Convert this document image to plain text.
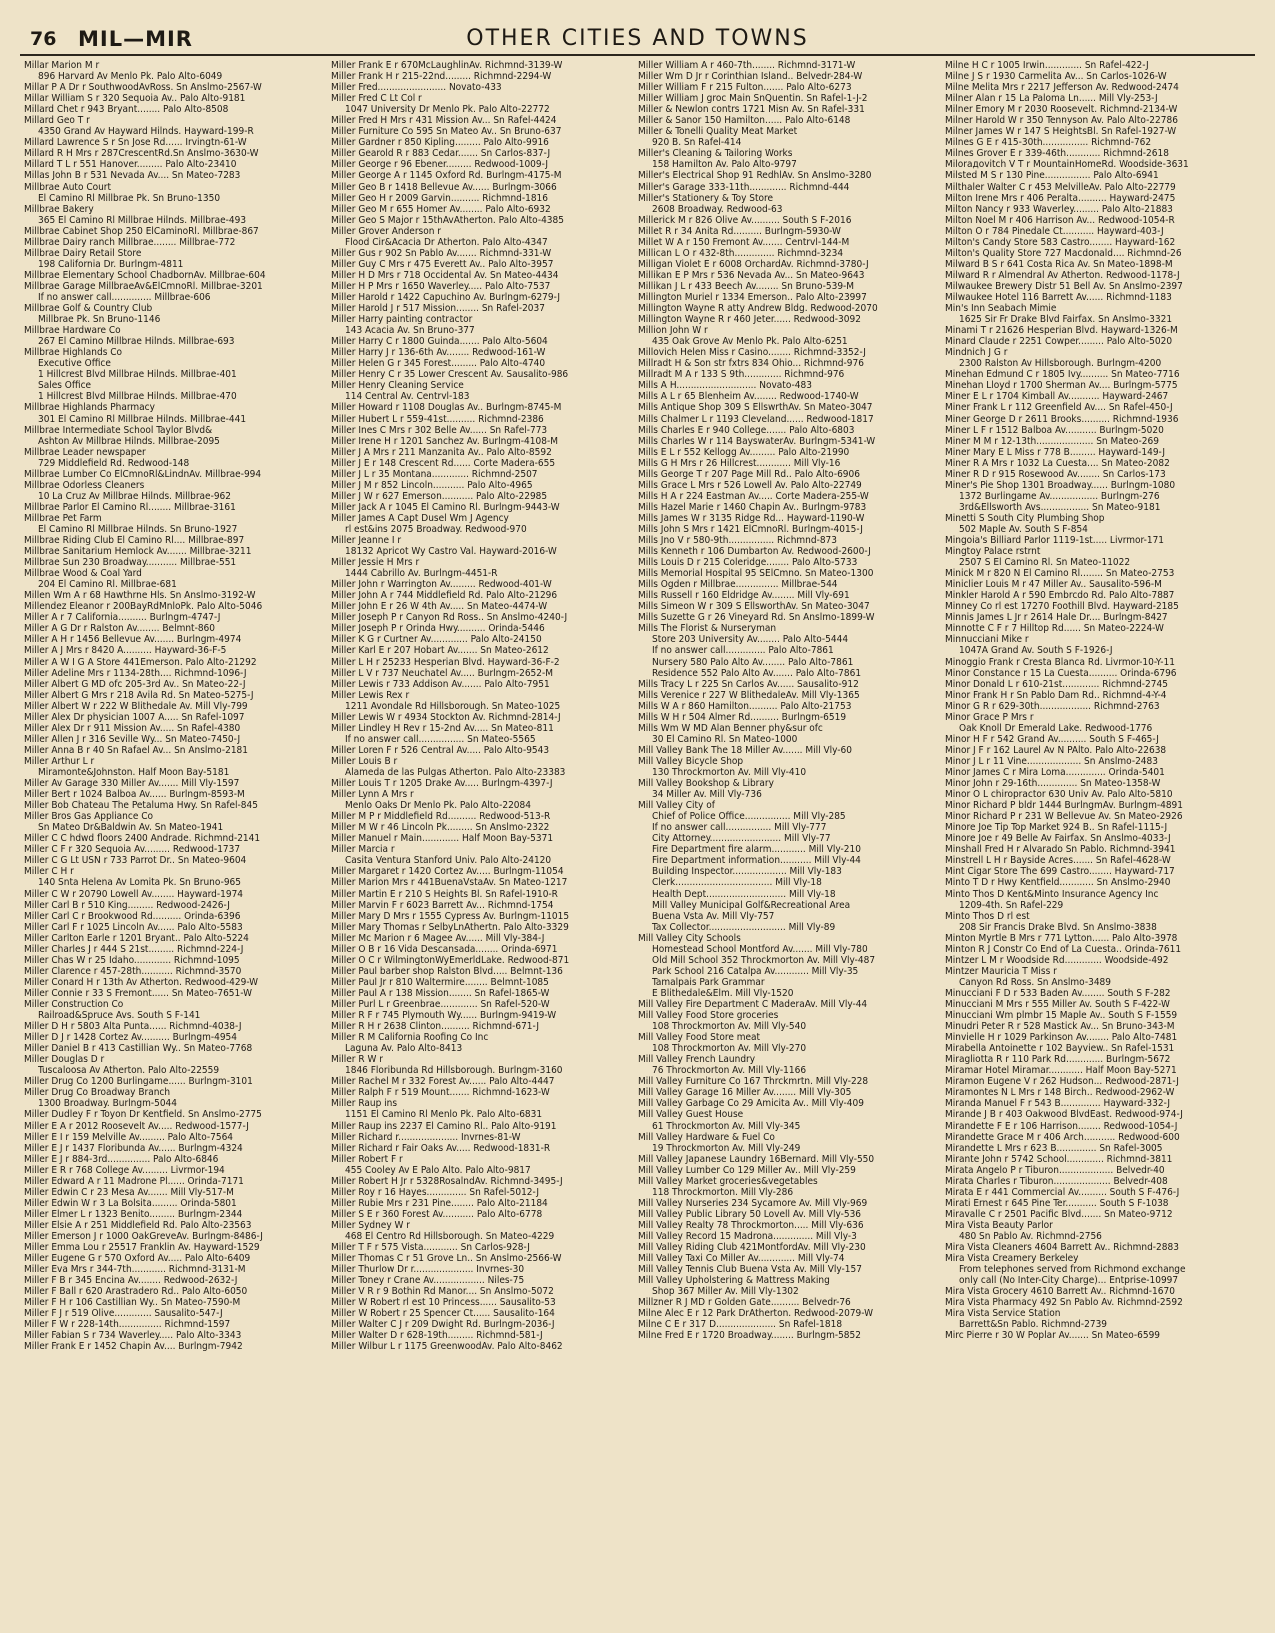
76 MIL—MIR	OTHER CITIES AND TOWNS
Millar Marion M r
896 Harvard Av Menlo Pk. Palo Alto-6049
Millar P A Dr r SouthwoodAvRoss. Sn Anslmo-2567-W
Millar William S r 320 Sequoia Av.. Palo Alto-9181
Millard Chet r 943 Bryant........ Palo Alto-8508
Millard Geo T r
4350 Grand Av Hayward Hilnds. Hayward-199-R
Millard Lawrence S r Sn Jose Rd...... Irvingtn-61-W
Millard R H Mrs r 287CrescentRd.Sn Anslmo-3630-W
Millard T L r 551 Hanover......... Palo Alto-23410
Millas John B r 531 Nevada Av.... Sn Mateo-7283
Millbrae Auto Court
El Camino Rl Millbrae Pk. Sn Bruno-1350
Millbrae Bakery
365 El Camino Rl Millbrae Hilnds. Millbrae-493
Millbrae Cabinet Shop 250 ElCaminoRl. Millbrae-867
Millbrae Dairy ranch Millbrae........ Millbrae-772
Millbrae Dairy Retail Store
198 California Dr. Burlngm-4811
Millbrae Elementary School ChadbornAv. Millbrae-604
Millbrae Garage MillbraeAv&ElCmnoRl. Millbrae-3201
If no answer call.............. Millbrae-606
Millbrae Golf & Country Club
Millbrae Pk. Sn Bruno-1146
Millbrae Hardware Co
267 El Camino Millbrae Hilnds. Millbrae-693
Millbrae Highlands Co
Executive Office
1 Hillcrest Blvd Millbrae Hilnds. Millbrae-401
Sales Office
1 Hillcrest Blvd Millbrae Hilnds. Millbrae-470
Millbrae Highlands Pharmacy
301 El Camino Rl Millbrae Hilnds. Millbrae-441
Millbrae Intermediate School Taylor Blvd&
Ashton Av Millbrae Hilnds. Millbrae-2095
Millbrae Leader newspaper
729 Middlefield Rd. Redwood-148
Millbrae Lumber Co ElCmnoRl&LindnAv. Millbrae-994
Millbrae Odorless Cleaners
10 La Cruz Av Millbrae Hilnds. Millbrae-962
Millbrae Parlor El Camino Rl........ Millbrae-3161
Millbrae Pet Farm
El Camino Rl Millbrae Hilnds. Sn Bruno-1927
Millbrae Riding Club El Camino Rl.... Millbrae-897
Millbrae Sanitarium Hemlock Av....... Millbrae-3211
Millbrae Sun 230 Broadway........... Millbrae-551
Millbrae Wood & Coal Yard
204 El Camino Rl. Millbrae-681
Millen Wm A r 68 Hawthrne Hls. Sn Anslmo-3192-W
Millendez Eleanor r 200BayRdMnloPk. Palo Alto-5046
Miller A r 7 California.......... Burlngm-4747-J
Miller A G Dr r Ralston Av........ Belmnt-860
Miller A H r 1456 Bellevue Av....... Burlngm-4974
Miller A J Mrs r 8420 A.......... Hayward-36-F-5
Miller A W I G A Store 441Emerson. Palo Alto-21292
Miller Adeline Mrs r 1134-28th.... Richmnd-1096-J
Miller Albert G MD ofc 205-3rd Av.. Sn Mateo-22-J
Miller Albert G Mrs r 218 Avila Rd. Sn Mateo-5275-J
Miller Albert W r 222 W Blithedale Av. Mill Vly-799
Miller Alex Dr physician 1007 A..... Sn Rafel-1097
Miller Alex Dr r 911 Mission Av..... Sn Rafel-4380
Miller Allen J r 316 Seville Wy... Sn Mateo-7450-J
Miller Anna B r 40 Sn Rafael Av... Sn Anslmo-2181
Miller Arthur L r
Miramonte&Johnston. Half Moon Bay-5181
Miller Av Garage 330 Miller Av....... Mill Vly-1597
Miller Bert r 1024 Balboa Av...... Burlngm-8593-M
Miller Bob Chateau The Petaluma Hwy. Sn Rafel-845
Miller Bros Gas Appliance Co
Sn Mateo Dr&Baldwin Av. Sn Mateo-1941
Miller C C hdwd floors 2400 Andrade. Richmnd-2141
Miller C F r 320 Sequoia Av......... Redwood-1737
Miller C G Lt USN r 733 Parrot Dr.. Sn Mateo-9604
Miller C H r
140 Snta Helena Av Lomita Pk. Sn Bruno-965
Miller C W r 20790 Lowell Av........ Hayward-1974
Miller Carl B r 510 King......... Redwood-2426-J
Miller Carl C r Brookwood Rd.......... Orinda-6396
Miller Carl F r 1025 Lincoln Av...... Palo Alto-5583
Miller Carlton Earle r 1201 Bryant.. Palo Alto-5224
Miller Charles J r 444 S 21st......... Richmnd-224-J
Miller Chas W r 25 Idaho............. Richmnd-1095
Miller Clarence r 457-28th........... Richmnd-3570
Miller Conard H r 13th Av Atherton. Redwood-429-W
Miller Connie r 33 S Fremont...... Sn Mateo-7651-W
Miller Construction Co
Railroad&Spruce Avs. South S F-141
Miller D H r 5803 Alta Punta...... Richmnd-4038-J
Miller D J r 1428 Cortez Av.......... Burlngm-4954
Miller Daniel B r 413 Castillian Wy.. Sn Mateo-7768
Miller Douglas D r
Tuscaloosa Av Atherton. Palo Alto-22559
Miller Drug Co 1200 Burlingame...... Burlngm-3101
Miller Drug Co Broadway Branch
1300 Broadway. Burlngm-5044
Miller Dudley F r Toyon Dr Kentfield. Sn Anslmo-2775
Miller E A r 2012 Roosevelt Av..... Redwood-1577-J
Miller E I r 159 Melville Av......... Palo Alto-7564
Miller E J r 1437 Floribunda Av...... Burlngm-4324
Miller E J r 884-3rd............... Palo Alto-6846
Miller E R r 768 College Av......... Livrmor-194
Miller Edward A r 11 Madrone Pl...... Orinda-7171
Miller Edwin C r 23 Mesa Av....... Mill Vly-517-M
Miller Edwin W r 3 La Bolsita......... Orinda-5801
Miller Elmer L r 1323 Benito......... Burlngm-2344
Miller Elsie A r 251 Middlefield Rd. Palo Alto-23563
Miller Emerson J r 1000 OakGreveAv. Burlngm-8486-J
Miller Emma Lou r 25517 Franklin Av. Hayward-1529
Miller Eugene G r 570 Oxford Av..... Palo Alto-6409
Miller Eva Mrs r 344-7th............ Richmnd-3131-M
Miller F B r 345 Encina Av........ Redwood-2632-J
Miller F Ball r 620 Arastradero Rd.. Palo Alto-6050
Miller F H r 106 Castillian Wy.. Sn Mateo-7590-M
Miller F J r 519 Olive............. Sausalito-547-J
Miller F W r 228-14th............... Richmnd-1597
Miller Fabian S r 734 Waverley..... Palo Alto-3343
Miller Frank E r 1452 Chapin Av.... Burlngm-7942
Miller Frank E r 670McLaughlinAv. Richmnd-3139-W
Miller Frank H r 215-22nd......... Richmnd-2294-W
Miller Fred........................ Novato-433
Miller Fred C Lt Col r
1047 University Dr Menlo Pk. Palo Alto-22772
Miller Fred H Mrs r 431 Mission Av... Sn Rafel-4424
Miller Furniture Co 595 Sn Mateo Av.. Sn Bruno-637
Miller Gardner r 850 Kipling......... Palo Alto-9916
Miller Gearold R r 883 Cedar....... Sn Carlos-837-J
Miller George r 96 Ebener......... Redwood-1009-J
Miller George A r 1145 Oxford Rd. Burlngm-4175-M
Miller Geo B r 1418 Bellevue Av...... Burlngm-3066
Miller Geo H r 2009 Garvin.......... Richmnd-1816
Miller Geo M r 655 Homer Av........ Palo Alto-6932
Miller Geo S Major r 15thAvAtherton. Palo Alto-4385
Miller Grover Anderson r
Flood Cir&Acacia Dr Atherton. Palo Alto-4347
Miller Gus r 902 Sn Pablo Av....... Richmnd-331-W
Miller Guy C Mrs r 475 Everett Av.. Palo Alto-3957
Miller H D Mrs r 718 Occidental Av. Sn Mateo-4434
Miller H P Mrs r 1650 Waverley..... Palo Alto-7537
Miller Harold r 1422 Capuchino Av. Burlngm-6279-J
Miller Harold J r 517 Mission........ Sn Rafel-2037
Miller Harry painting contractor
143 Acacia Av. Sn Bruno-377
Miller Harry C r 1800 Guinda....... Palo Alto-5604
Miller Harry J r 136-6th Av........ Redwood-161-W
Miller Helen G r 345 Forest......... Palo Alto-4740
Miller Henry C r 35 Lower Crescent Av. Sausalito-986
Miller Henry Cleaning Service
114 Central Av. Centrvl-183
Miller Howard r 1108 Douglas Av.. Burlngm-8745-M
Miller Hubert L r 559-41st.......... Richmnd-2386
Miller Ines C Mrs r 302 Belle Av...... Sn Rafel-773
Miller Irene H r 1201 Sanchez Av. Burlngm-4108-M
Miller J A Mrs r 211 Manzanita Av.. Palo Alto-8592
Miller J E r 148 Crescent Rd...... Corte Madera-655
Miller J L r 35 Montana............. Richmnd-2507
Miller J M r 852 Lincoln........... Palo Alto-4965
Miller J W r 627 Emerson........... Palo Alto-22985
Miller Jack A r 1045 El Camino Rl. Burlngm-9443-W
Miller James A Capt Dusel Wm J Agency
rl est&ins 2075 Broadway. Redwood-970
Miller Jeanne I r
18132 Apricot Wy Castro Val. Hayward-2016-W
Miller Jessie H Mrs r
1444 Cabrillo Av. Burlngm-4451-R
Miller John r Warrington Av......... Redwood-401-W
Miller John A r 744 Middlefield Rd. Palo Alto-21296
Miller John E r 26 W 4th Av..... Sn Mateo-4474-W
Miller Joseph P r Canyon Rd Ross.. Sn Anslmo-4240-J
Miller Joseph P r Orinda Hwy.......... Orinda-5446
Miller K G r Curtner Av............. Palo Alto-24150
Miller Karl E r 207 Hobart Av....... Sn Mateo-2612
Miller L H r 25233 Hesperian Blvd. Hayward-36-F-2
Miller L V r 737 Neuchatel Av..... Burlngm-2652-M
Miller Lewis r 733 Addison Av....... Palo Alto-7951
Miller Lewis Rex r
1211 Avondale Rd Hillsborough. Sn Mateo-1025
Miller Lewis W r 4934 Stockton Av. Richmnd-2814-J
Miller Lindley H Rev r 15-2nd Av..... Sn Mateo-811
If no answer call................ Sn Mateo-5565
Miller Loren F r 526 Central Av..... Palo Alto-9543
Miller Louis B r
Alameda de las Pulgas Atherton. Palo Alto-23383
Miller Louis T r 1205 Drake Av..... Burlngm-4397-J
Miller Lynn A Mrs r
Menlo Oaks Dr Menlo Pk. Palo Alto-22084
Miller M P r Middlefield Rd.......... Redwood-513-R
Miller M W r 46 Lincoln Pk......... Sn Anslmo-2322
Miller Manuel r Main............. Half Moon Bay-5371
Miller Marcia r
Casita Ventura Stanford Univ. Palo Alto-24120
Miller Margaret r 1420 Cortez Av..... Burlngm-11054
Miller Marion Mrs r 441BuenaVstaAv. Sn Mateo-1217
Miller Martin E r 210 S Heights Bl. Sn Rafel-1910-R
Miller Marvin F r 6023 Barrett Av... Richmnd-1754
Miller Mary D Mrs r 1555 Cypress Av. Burlngm-11015
Miller Mary Thomas r SelbyLnAthertn. Palo Alto-3329
Miller Mc Marion r 6 Magee Av...... Mill Vly-384-J
Miller O B r 16 Vida Descansada........ Orinda-6971
Miller O C r WilmingtonWyEmerldLake. Redwood-871
Miller Paul barber shop Ralston Blvd..... Belmnt-136
Miller Paul Jr r 810 Waltermire........ Belmnt-1085
Miller Paul A r 138 Mission........ Sn Rafel-1865-W
Miller Purl L r Greenbrae............. Sn Rafel-520-W
Miller R F r 745 Plymouth Wy...... Burlngm-9419-W
Miller R H r 2638 Clinton.......... Richmnd-671-J
Miller R M California Roofing Co Inc
Laguna Av. Palo Alto-8413
Miller R W r
1846 Floribunda Rd Hillsborough. Burlngm-3160
Miller Rachel M r 332 Forest Av...... Palo Alto-4447
Miller Ralph F r 519 Mount....... Richmnd-1623-W
Miller Raup ins
1151 El Camino Rl Menlo Pk. Palo Alto-6831
Miller Raup ins 2237 El Camino Rl.. Palo Alto-9191
Miller Richard r..................... Invrnes-81-W
Miller Richard r Fair Oaks Av..... Redwood-1831-R
Miller Robert F r
455 Cooley Av E Palo Alto. Palo Alto-9817
Miller Robert H Jr r 5328RosalndAv. Richmnd-3495-J
Miller Roy r 16 Hayes.............. Sn Rafel-5012-J
Miller Rubie Mrs r 231 Pine........ Palo Alto-21184
Miller S E r 360 Forest Av........... Palo Alto-6778
Miller Sydney W r
468 El Centro Rd Hillsborough. Sn Mateo-4229
Miller T F r 575 Vista............ Sn Carlos-928-J
Miller Thomas C r 51 Grove Ln.. Sn Anslmo-2566-W
Miller Thurlow Dr r..................... Invrnes-30
Miller Toney r Crane Av.................. Niles-75
Miller V R r 9 Bothin Rd Manor.... Sn Anslmo-5072
Miller W Robert rl est 10 Princess...... Sausalito-53
Miller W Robert r 25 Spencer Ct...... Sausalito-164
Miller Walter C J r 209 Dwight Rd. Burlngm-2036-J
Miller Walter D r 628-19th......... Richmnd-581-J
Miller Wilbur L r 1175 GreenwoodAv. Palo Alto-8462
Miller William A r 460-7th........ Richmnd-3171-W
Miller Wm D Jr r Corinthian Island.. Belvedr-284-W
Miller William F r 215 Fulton....... Palo Alto-6273
Miller William J groc Main SnQuentin. Sn Rafel-1-J-2
Miller & Newlon contrs 1721 Misn Av. Sn Rafel-331
Miller & Sanor 150 Hamilton...... Palo Alto-6148
Miller & Tonelli Quality Meat Market
920 B. Sn Rafel-414
Miller's Cleaning & Tailoring Works
158 Hamilton Av. Palo Alto-9797
Miller's Electrical Shop 91 RedhlAv. Sn Anslmo-3280
Miller's Garage 333-11th............. Richmnd-444
Miller's Stationery & Toy Store
2608 Broadway. Redwood-63
Millerick M r 826 Olive Av.......... South S F-2016
Millet R r 34 Anita Rd.......... Burlngm-5930-W
Millet W A r 150 Fremont Av....... Centrvl-144-M
Millican L O r 432-8th.............. Richmnd-3234
Milligan Violet E r 6008 OrchardAv. Richmnd-3780-J
Millikan E P Mrs r 536 Nevada Av... Sn Mateo-9643
Millikan J L r 433 Beech Av........ Sn Bruno-539-M
Millington Muriel r 1334 Emerson.. Palo Alto-23997
Millington Wayne R atty Andrew Bldg. Redwood-2070
Millington Wayne R r 460 Jeter...... Redwood-3092
Million John W r
435 Oak Grove Av Menlo Pk. Palo Alto-6251
Millovich Helen Miss r Casino........ Richmnd-3352-J
Millradt H & Son str fxtrs 834 Ohio... Richmnd-976
Millradt M A r 133 S 9th............. Richmnd-976
Mills A H............................ Novato-483
Mills A L r 65 Blenheim Av........ Redwood-1740-W
Mills Antique Shop 309 S EllswrthAv. Sn Mateo-3047
Mills Chalmer L r 1193 Cleveland...... Redwood-1817
Mills Charles E r 940 College....... Palo Alto-6803
Mills Charles W r 114 BayswaterAv. Burlngm-5341-W
Mills E L r 552 Kellogg Av......... Palo Alto-21990
Mills G H Mrs r 26 Hillcrest............ Mill Vly-16
Mills George T r 207 Page Mill Rd.. Palo Alto-6906
Mills Grace L Mrs r 526 Lowell Av. Palo Alto-22749
Mills H A r 224 Eastman Av..... Corte Madera-255-W
Mills Hazel Marie r 1460 Chapin Av.. Burlngm-9783
Mills James W r 3135 Ridge Rd... Hayward-1190-W
Mills John S Mrs r 1421 ElCmnoRl. Burlngm-4015-J
Mills Jno V r 580-9th................ Richmnd-873
Mills Kenneth r 106 Dumbarton Av. Redwood-2600-J
Mills Louis D r 215 Coleridge........ Palo Alto-5733
Mills Memorial Hospital 95 SElCmno. Sn Mateo-1300
Mills Ogden r Millbrae............... Millbrae-544
Mills Russell r 160 Eldridge Av........ Mill Vly-691
Mills Simeon W r 309 S EllsworthAv. Sn Mateo-3047
Mills Suzette G r 26 Vineyard Rd. Sn Anslmo-1899-W
Mills The Florist & Nurseryman
Store 203 University Av........ Palo Alto-5444
If no answer call.............. Palo Alto-7861
Nursery 580 Palo Alto Av........ Palo Alto-7861
Residence 552 Palo Alto Av....... Palo Alto-7861
Mills Tracy L r 225 Sn Carlos Av...... Sausalito-912
Mills Verenice r 227 W BlithedaleAv. Mill Vly-1365
Mills W A r 860 Hamilton.......... Palo Alto-21753
Mills W H r 504 Almer Rd.......... Burlngm-6519
Mills Wm W MD Alan Benner phy&sur ofc
30 El Camino Rl. Sn Mateo-1000
Mill Valley Bank The 18 Miller Av....... Mill Vly-60
Mill Valley Bicycle Shop
130 Throckmorton Av. Mill Vly-410
Mill Valley Bookshop & Library
34 Miller Av. Mill Vly-736
Mill Valley City of
Chief of Police Office................ Mill Vly-285
If no answer call................ Mill Vly-777
City Attorney......................... Mill Vly-77
Fire Department fire alarm............ Mill Vly-210
Fire Department information........... Mill Vly-44
Building Inspector................... Mill Vly-183
Clerk.................................. Mill Vly-18
Health Dept............................ Mill Vly-18
Mill Valley Municipal Golf&Recreational Area
Buena Vsta Av. Mill Vly-757
Tax Collector........................... Mill Vly-89
Mill Valley City Schools
Homestead School Montford Av....... Mill Vly-780
Old Mill School 352 Throckmorton Av. Mill Vly-487
Park School 216 Catalpa Av............ Mill Vly-35
Tamalpais Park Grammar
E Blithedale&Elm. Mill Vly-1520
Mill Valley Fire Department C MaderaAv. Mill Vly-44
Mill Valley Food Store groceries
108 Throckmorton Av. Mill Vly-540
Mill Valley Food Store meat
108 Throckmorton Av. Mill Vly-270
Mill Valley French Laundry
76 Throckmorton Av. Mill Vly-1166
Mill Valley Furniture Co 167 Thrckmrtn. Mill Vly-228
Mill Valley Garage 16 Miller Av........ Mill Vly-305
Mill Valley Garbage Co 29 Amicita Av.. Mill Vly-409
Mill Valley Guest House
61 Throckmorton Av. Mill Vly-345
Mill Valley Hardware & Fuel Co
19 Throckmorton Av. Mill Vly-249
Mill Valley Japanese Laundry 16Bernard. Mill Vly-550
Mill Valley Lumber Co 129 Miller Av.. Mill Vly-259
Mill Valley Market groceries&vegetables
118 Throckmorton. Mill Vly-286
Mill Valley Nurseries 234 Sycamore Av. Mill Vly-969
Mill Valley Public Library 50 Lovell Av. Mill Vly-536
Mill Valley Realty 78 Throckmorton..... Mill Vly-636
Mill Valley Record 15 Madrona.............. Mill Vly-3
Mill Valley Riding Club 421MontfordAv. Mill Vly-230
Mill Valley Taxi Co Miller Av............. Mill Vly-74
Mill Valley Tennis Club Buena Vsta Av. Mill Vly-157
Mill Valley Upholstering & Mattress Making
Shop 367 Miller Av. Mill Vly-1302
Millzner R J MD r Golden Gate.......... Belvedr-76
Milne Alec E r 12 Park DrAtherton. Redwood-2079-W
Milne C E r 317 D..................... Sn Rafel-1818
Milne Fred E r 1720 Broadway........ Burlngm-5852
Milne H C r 1005 Irwin............. Sn Rafel-422-J
Milne J S r 1930 Carmelita Av... Sn Carlos-1026-W
Milne Melita Mrs r 2217 Jefferson Av. Redwood-2474
Milner Alan r 15 La Paloma Ln...... Mill Vly-253-J
Milner Emory M r 2030 Roosevelt. Richmnd-2134-W
Milner Harold W r 350 Tennyson Av. Palo Alto-22786
Milner James W r 147 S HeightsBl. Sn Rafel-1927-W
Milnes G E r 415-30th................ Richmnd-762
Milnes Grover E r 339-46th............ Richmnd-2618
Milorадovitch V T r MountainHomeRd. Woodside-3631
Milsted M S r 130 Pine................ Palo Alto-6941
Milthaler Walter C r 453 MelvilleAv. Palo Alto-22779
Milton Irene Mrs r 406 Peralta.......... Hayward-2475
Milton Nancy r 933 Waverley......... Palo Alto-21883
Milton Noel M r 406 Harrison Av... Redwood-1054-R
Milton O r 784 Pinedale Ct........... Hayward-403-J
Milton's Candy Store 583 Castro........ Hayward-162
Milton's Quality Store 727 Macdonald.... Richmnd-26
Milward B S r 641 Costa Rica Av. Sn Mateo-1898-M
Milward R r Almendral Av Atherton. Redwood-1178-J
Milwaukee Brewery Distr 51 Bell Av. Sn Anslmo-2397
Milwaukee Hotel 116 Barrett Av...... Richmnd-1183
Min's Inn Seabach Mimie
1625 Sir Fr Drake Blvd Fairfax. Sn Anslmo-3321
Minami T r 21626 Hesperian Blvd. Hayward-1326-M
Minard Claude r 2251 Cowper......... Palo Alto-5020
Mindnich J G r
2300 Ralston Av Hillsborough. Burlngm-4200
Minehan Edmund C r 1805 Ivy.......... Sn Mateo-7716
Minehan Lloyd r 1700 Sherman Av.... Burlngm-5775
Miner E L r 1704 Kimball Av........... Hayward-2467
Miner Frank L r 112 Greenfield Av.... Sn Rafel-450-J
Miner George D r 2611 Brooks.......... Richmnd-1936
Miner L F r 1512 Balboa Av........... Burlngm-5020
Miner M M r 12-13th.................... Sn Mateo-269
Miner Mary E L Miss r 778 B......... Hayward-149-J
Miner R A Mrs r 1032 La Cuesta.... Sn Mateo-2082
Miner R D r 915 Rosewood Av........ Sn Carlos-173
Miner's Pie Shop 1301 Broadway...... Burlngm-1080
1372 Burlingame Av................. Burlngm-276
3rd&Ellsworth Avs................. Sn Mateo-9181
Minetti S South City Plumbing Shop
502 Maple Av. South S F-854
Mingoia's Billiard Parlor 1119-1st..... Livrmor-171
Mingtoy Palace rstrnt
2507 S El Camino Rl. Sn Mateo-11022
Minick M r 820 N El Camino Rl........ Sn Mateo-2753
Miniclier Louis M r 47 Miller Av.. Sausalito-596-M
Minkler Harold A r 590 Embrcdo Rd. Palo Alto-7887
Minney Co rl est 17270 Foothill Blvd. Hayward-2185
Minnis James L Jr r 2614 Hale Dr.... Burlngm-8427
Minnotte C F r 7 Hilltop Rd...... Sn Mateo-2224-W
Minnucciani Mike r
1047A Grand Av. South S F-1926-J
Minoggio Frank r Cresta Blanca Rd. Livrmor-10-Y-11
Minor Constance r 15 La Cuesta.......... Orinda-6796
Minor Donald L r 610-21st............. Richmnd-2745
Minor Frank H r Sn Pablo Dam Rd.. Richmnd-4-Y-4
Minor G R r 629-30th.................. Richmnd-2763
Minor Grace P Mrs r
Oak Knoll Dr Emerald Lake. Redwood-1776
Minor H F r 542 Grand Av.......... South S F-465-J
Minor J F r 162 Laurel Av N PAlto. Palo Alto-22638
Minor J L r 11 Vine................... Sn Anslmo-2483
Minor James C r Mira Loma.............. Orinda-5401
Minor John r 29-16th.............. Sn Mateo-1358-W
Minor O L chiropractor 630 Univ Av. Palo Alto-5810
Minor Richard P bldr 1444 BurlngmAv. Burlngm-4891
Minor Richard P r 231 W Bellevue Av. Sn Mateo-2926
Minore Joe Tip Top Market 924 B.. Sn Rafel-1115-J
Minore Joe r 49 Belle Av Fairfax. Sn Anslmo-4033-J
Minshall Fred H r Alvarado Sn Pablo. Richmnd-3941
Minstrell L H r Bayside Acres....... Sn Rafel-4628-W
Mint Cigar Store The 699 Castro........ Hayward-717
Minto T D r Hwy Kentfield............ Sn Anslmo-2940
Minto Thos D Kent&Minto Insurance Agency Inc
1209-4th. Sn Rafel-229
Minto Thos D rl est
208 Sir Francis Drake Blvd. Sn Anslmo-3838
Minton Myrtle B Mrs r 771 Lytton...... Palo Alto-3978
Minton R J Constr Co End of La Cuesta.. Orinda-7611
Mintzer L M r Woodside Rd............. Woodside-492
Mintzer Mauricia T Miss r
Canyon Rd Ross. Sn Anslmo-3489
Minucciani F D r 533 Baden Av........ South S F-282
Minucciani M Mrs r 555 Miller Av. South S F-422-W
Minucciani Wm plmbr 15 Maple Av.. South S F-1559
Minudri Peter R r 528 Mastick Av... Sn Bruno-343-M
Minvielle H r 1029 Parkinson Av........ Palo Alto-7481
Mirabella Antoinette r 102 Bayview.. Sn Rafel-1531
Miragliotta R r 110 Park Rd............. Burlngm-5672
Miramar Hotel Miramar............ Half Moon Bay-5271
Miramon Eugene V r 262 Hudson... Redwood-2871-J
Miramontes N L Mrs r 148 Birch.. Redwood-2962-W
Miranda Manuel F r 543 B.............. Hayward-332-J
Mirande J B r 403 Oakwood BlvdEast. Redwood-974-J
Mirandette F E r 106 Harrison........ Redwood-1054-J
Mirandette Grace M r 406 Arch........... Redwood-600
Mirandette L Mrs r 623 B.............. Sn Rafel-3005
Mirante John r 5742 School............. Richmnd-3811
Mirata Angelo P r Tiburon................... Belvedr-40
Mirata Charles r Tiburon.................... Belvedr-408
Mirata E r 441 Commercial Av.......... South S F-476-J
Mirati Ernest r 645 Pine Ter........... South S F-1038
Miravalle C r 2501 Pacific Blvd....... Sn Mateo-9712
Mira Vista Beauty Parlor
480 Sn Pablo Av. Richmnd-2756
Mira Vista Cleaners 4604 Barrett Av.. Richmnd-2883
Mira Vista Creamery Berkeley
From telephones served from Richmond exchange
only call (No Inter-City Charge)... Entprise-10997
Mira Vista Grocery 4610 Barrett Av.. Richmnd-1670
Mira Vista Pharmacy 492 Sn Pablo Av. Richmnd-2592
Mira Vista Service Station
Barrett&Sn Pablo. Richmnd-2739
Mirc Pierre r 30 W Poplar Av....... Sn Mateo-6599
